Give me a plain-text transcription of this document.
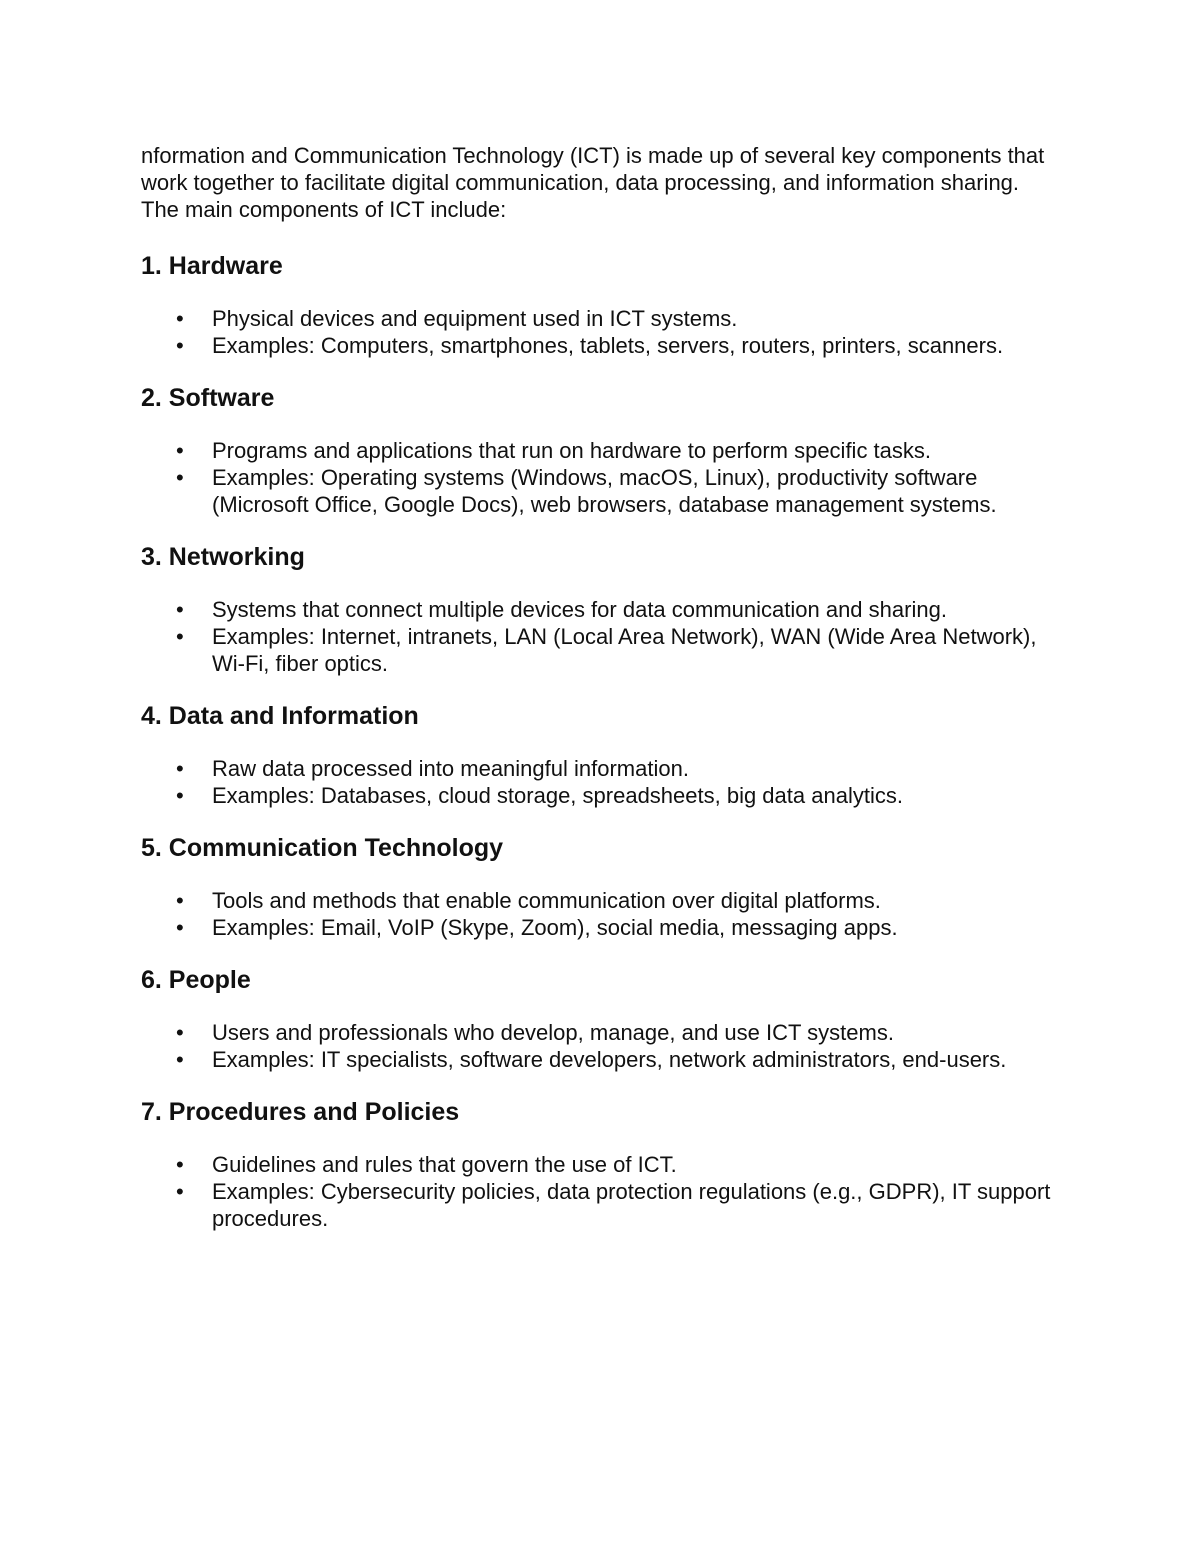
nformation and Communication Technology (ICT) is made up of several key components that work together to facilitate digital communication, data processing, and information sharing. The main components of ICT include:

1. Hardware
• Physical devices and equipment used in ICT systems.
• Examples: Computers, smartphones, tablets, servers, routers, printers, scanners.
2. Software
• Programs and applications that run on hardware to perform specific tasks.
• Examples: Operating systems (Windows, macOS, Linux), productivity software (Microsoft Office, Google Docs), web browsers, database management systems.
3. Networking
• Systems that connect multiple devices for data communication and sharing.
• Examples: Internet, intranets, LAN (Local Area Network), WAN (Wide Area Network), Wi-Fi, fiber optics.
4. Data and Information
• Raw data processed into meaningful information.
• Examples: Databases, cloud storage, spreadsheets, big data analytics.
5. Communication Technology
• Tools and methods that enable communication over digital platforms.
• Examples: Email, VoIP (Skype, Zoom), social media, messaging apps.
6. People
• Users and professionals who develop, manage, and use ICT systems.
• Examples: IT specialists, software developers, network administrators, end-users.
7. Procedures and Policies
• Guidelines and rules that govern the use of ICT.
• Examples: Cybersecurity policies, data protection regulations (e.g., GDPR), IT support procedures.
